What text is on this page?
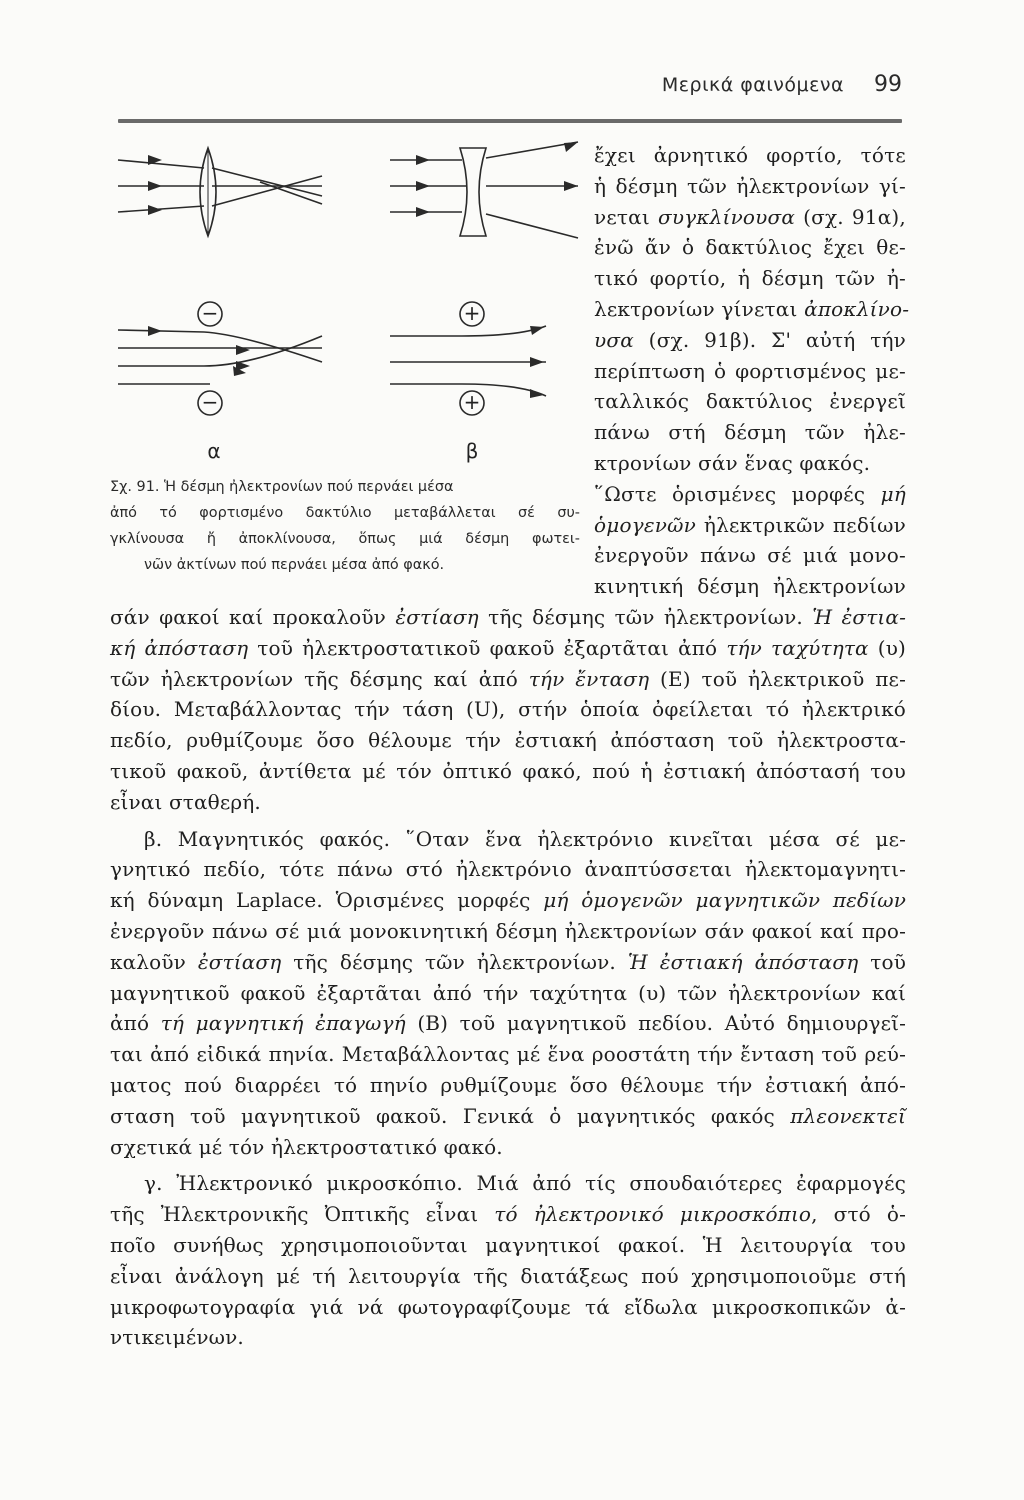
Μερικά φαινόμενα 99
−
−
+
+
α	β

Σχ. 91. Ἡ δέσμη ἠλεκτρονίων πού περνάει μέσα

ἀπό τό φορτισμένο δακτύλιο μεταβάλλεται σέ συ-

γκλίνουσα ἤ ἀποκλίνουσα, ὅπως μιά δέσμη φωτει-

νῶν ἀκτίνων πού περνάει μέσα ἀπό φακό.

ἔχει ἀρνητικό φορτίο, τότε

ἡ δέσμη τῶν ἠλεκτρονίων γί-

νεται συγκλίνουσα (σχ. 91α),

ἐνῶ ἄν ὁ δακτύλιος ἔχει θε-

τικό φορτίο, ἡ δέσμη τῶν ἠ-

λεκτρονίων γίνεται ἀποκλίνο-

υσα (σχ. 91β). Σ' αὐτή τήν

περίπτωση ὁ φορτισμένος με-

ταλλικός δακτύλιος ἐνεργεῖ

πάνω στή δέσμη τῶν ἠλε-

κτρονίων σάν ἕνας φακός.

῞Ωστε ὁρισμένες μορφές μή

ὁμογενῶν ἠλεκτρικῶν πεδίων

ἐνεργοῦν πάνω σέ μιά μονο-

κινητική δέσμη ἠλεκτρονίων

σάν φακοί καί προκαλοῦν ἐστίαση τῆς δέσμης τῶν ἠλεκτρονίων. Ἡ ἐστια-

κή ἀπόσταση τοῦ ἠλεκτροστατικοῦ φακοῦ ἐξαρτᾶται ἀπό τήν ταχύτητα (υ)

τῶν ἠλεκτρονίων τῆς δέσμης καί ἀπό τήν ἔνταση (Ε) τοῦ ἠλεκτρικοῦ πε-

δίου. Μεταβάλλοντας τήν τάση (U), στήν ὁποία ὀφείλεται τό ἠλεκτρικό

πεδίο, ρυθμίζουμε ὅσο θέλουμε τήν ἐστιακή ἀπόσταση τοῦ ἠλεκτροστα-

τικοῦ φακοῦ, ἀντίθετα μέ τόν ὀπτικό φακό, πού ἡ ἐστιακή ἀπόστασή του

εἶναι σταθερή.

β. Μαγνητικός φακός. ῞Οταν ἕνα ἠλεκτρόνιο κινεῖται μέσα σέ με-

γνητικό πεδίο, τότε πάνω στό ἠλεκτρόνιο ἀναπτύσσεται ἠλεκτομαγνητι-

κή δύναμη Laplace. Ὁρισμένες μορφές μή ὁμογενῶν μαγνητικῶν πεδίων

ἐνεργοῦν πάνω σέ μιά μονοκινητική δέσμη ἠλεκτρονίων σάν φακοί καί προ-

καλοῦν ἐστίαση τῆς δέσμης τῶν ἠλεκτρονίων. Ἡ ἐστιακή ἀπόσταση τοῦ

μαγνητικοῦ φακοῦ ἐξαρτᾶται ἀπό τήν ταχύτητα (υ) τῶν ἠλεκτρονίων καί

ἀπό τή μαγνητική ἐπαγωγή (Β) τοῦ μαγνητικοῦ πεδίου. Αὐτό δημιουργεῖ-

ται ἀπό εἰδικά πηνία. Μεταβάλλοντας μέ ἕνα ροοστάτη τήν ἔνταση τοῦ ρεύ-

ματος πού διαρρέει τό πηνίο ρυθμίζουμε ὅσο θέλουμε τήν ἐστιακή ἀπό-

σταση τοῦ μαγνητικοῦ φακοῦ. Γενικά ὁ μαγνητικός φακός πλεονεκτεῖ

σχετικά μέ τόν ἠλεκτροστατικό φακό.

γ. Ἠλεκτρονικό μικροσκόπιο. Μιά ἀπό τίς σπουδαιότερες ἐφαρμογές

τῆς Ἠλεκτρονικῆς Ὀπτικῆς εἶναι τό ἠλεκτρονικό μικροσκόπιο, στό ὁ-

ποῖο συνήθως χρησιμοποιοῦνται μαγνητικοί φακοί. Ἡ λειτουργία του

εἶναι ἀνάλογη μέ τή λειτουργία τῆς διατάξεως πού χρησιμοποιοῦμε στή

μικροφωτογραφία γιά νά φωτογραφίζουμε τά εἴδωλα μικροσκοπικῶν ἀ-

ντικειμένων.
